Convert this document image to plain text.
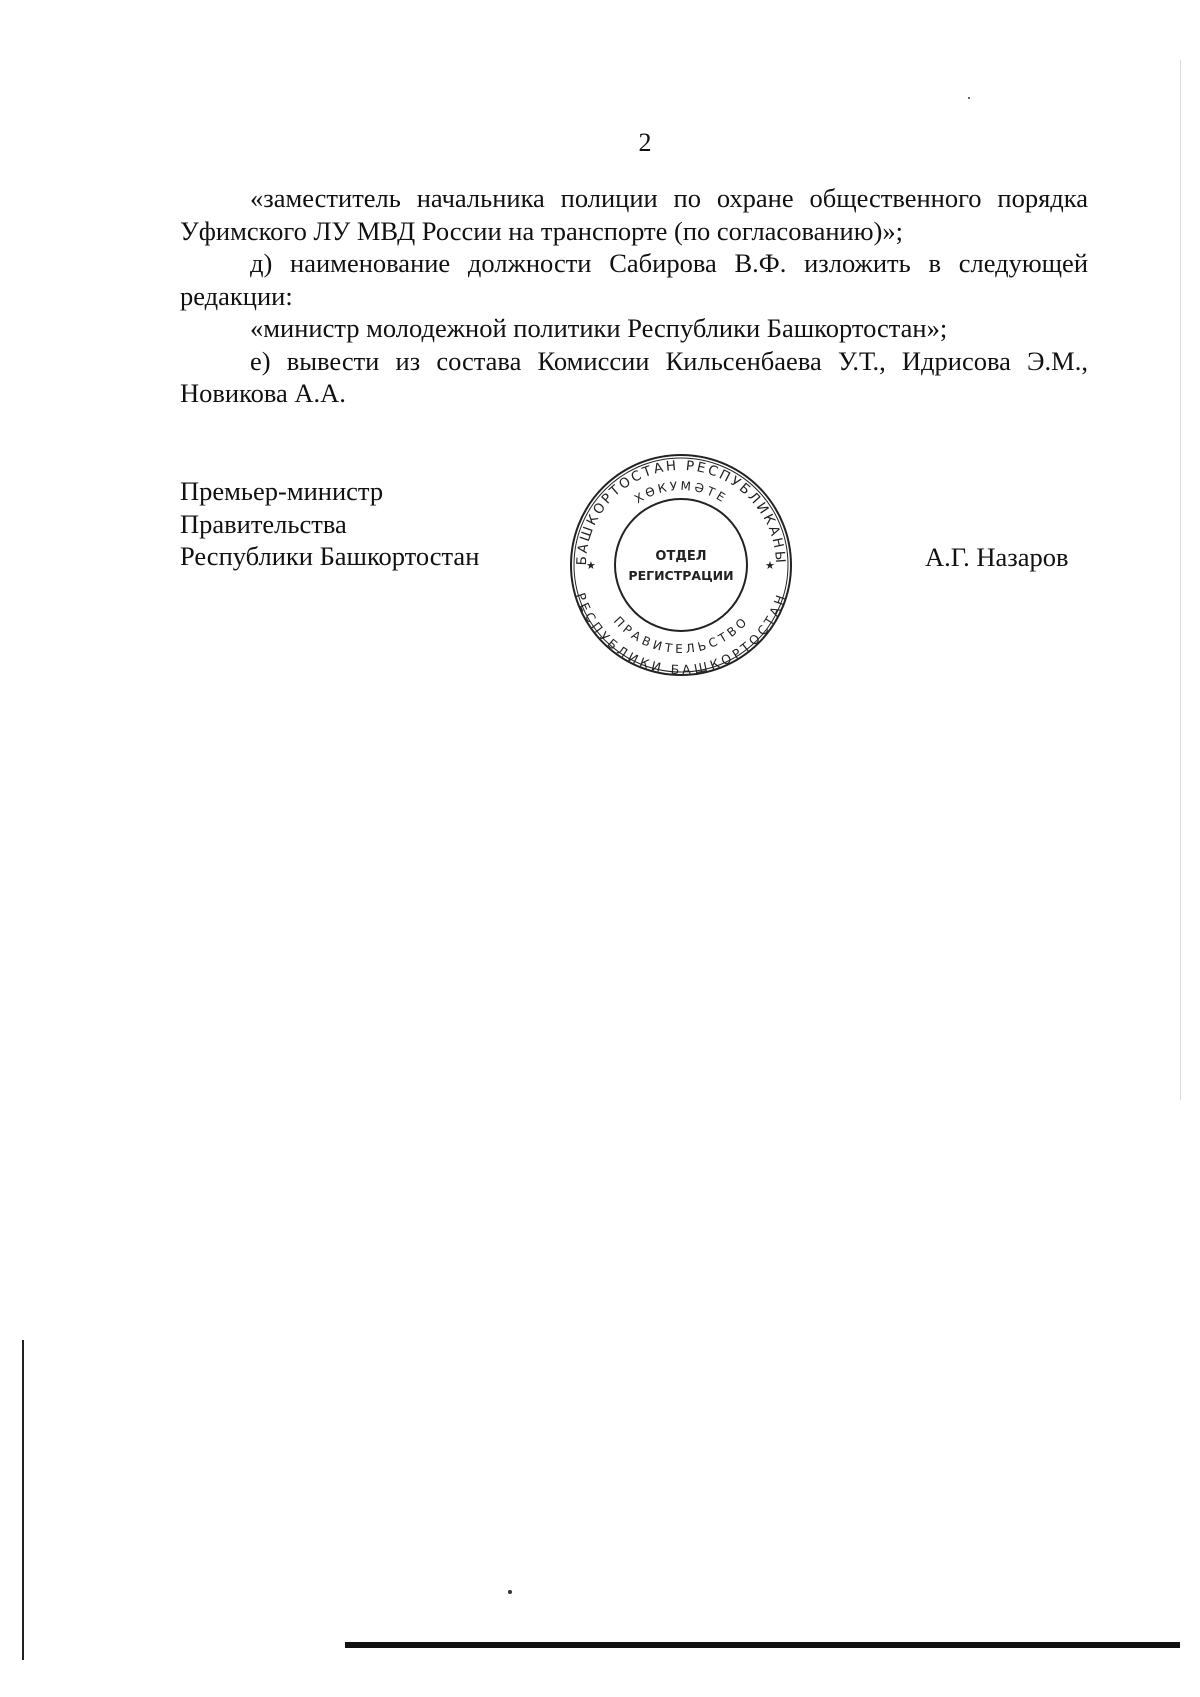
2

«заместитель начальника полиции по охране общественного порядка Уфимского ЛУ МВД России на транспорте (по согласованию)»;

д) наименование должности Сабирова В.Ф. изложить в следующей редакции:

«министр молодежной политики Республики Башкортостан»;

е) вывести из состава Комиссии Кильсенбаева У.Т., Идрисова Э.М., Новикова А.А.

Премьер-министр
Правительства
Республики Башкортостан	БАШКОРТОСТАН РЕСПУБЛИКАНЫ
ХӨКУМӘТЕ
РЕСПУБЛИКИ БАШКОРТОСТАН
ПРАВИТЕЛЬСТВО
★	★
ОТДЕЛ
РЕГИСТРАЦИИ
А.Г. Назаров
